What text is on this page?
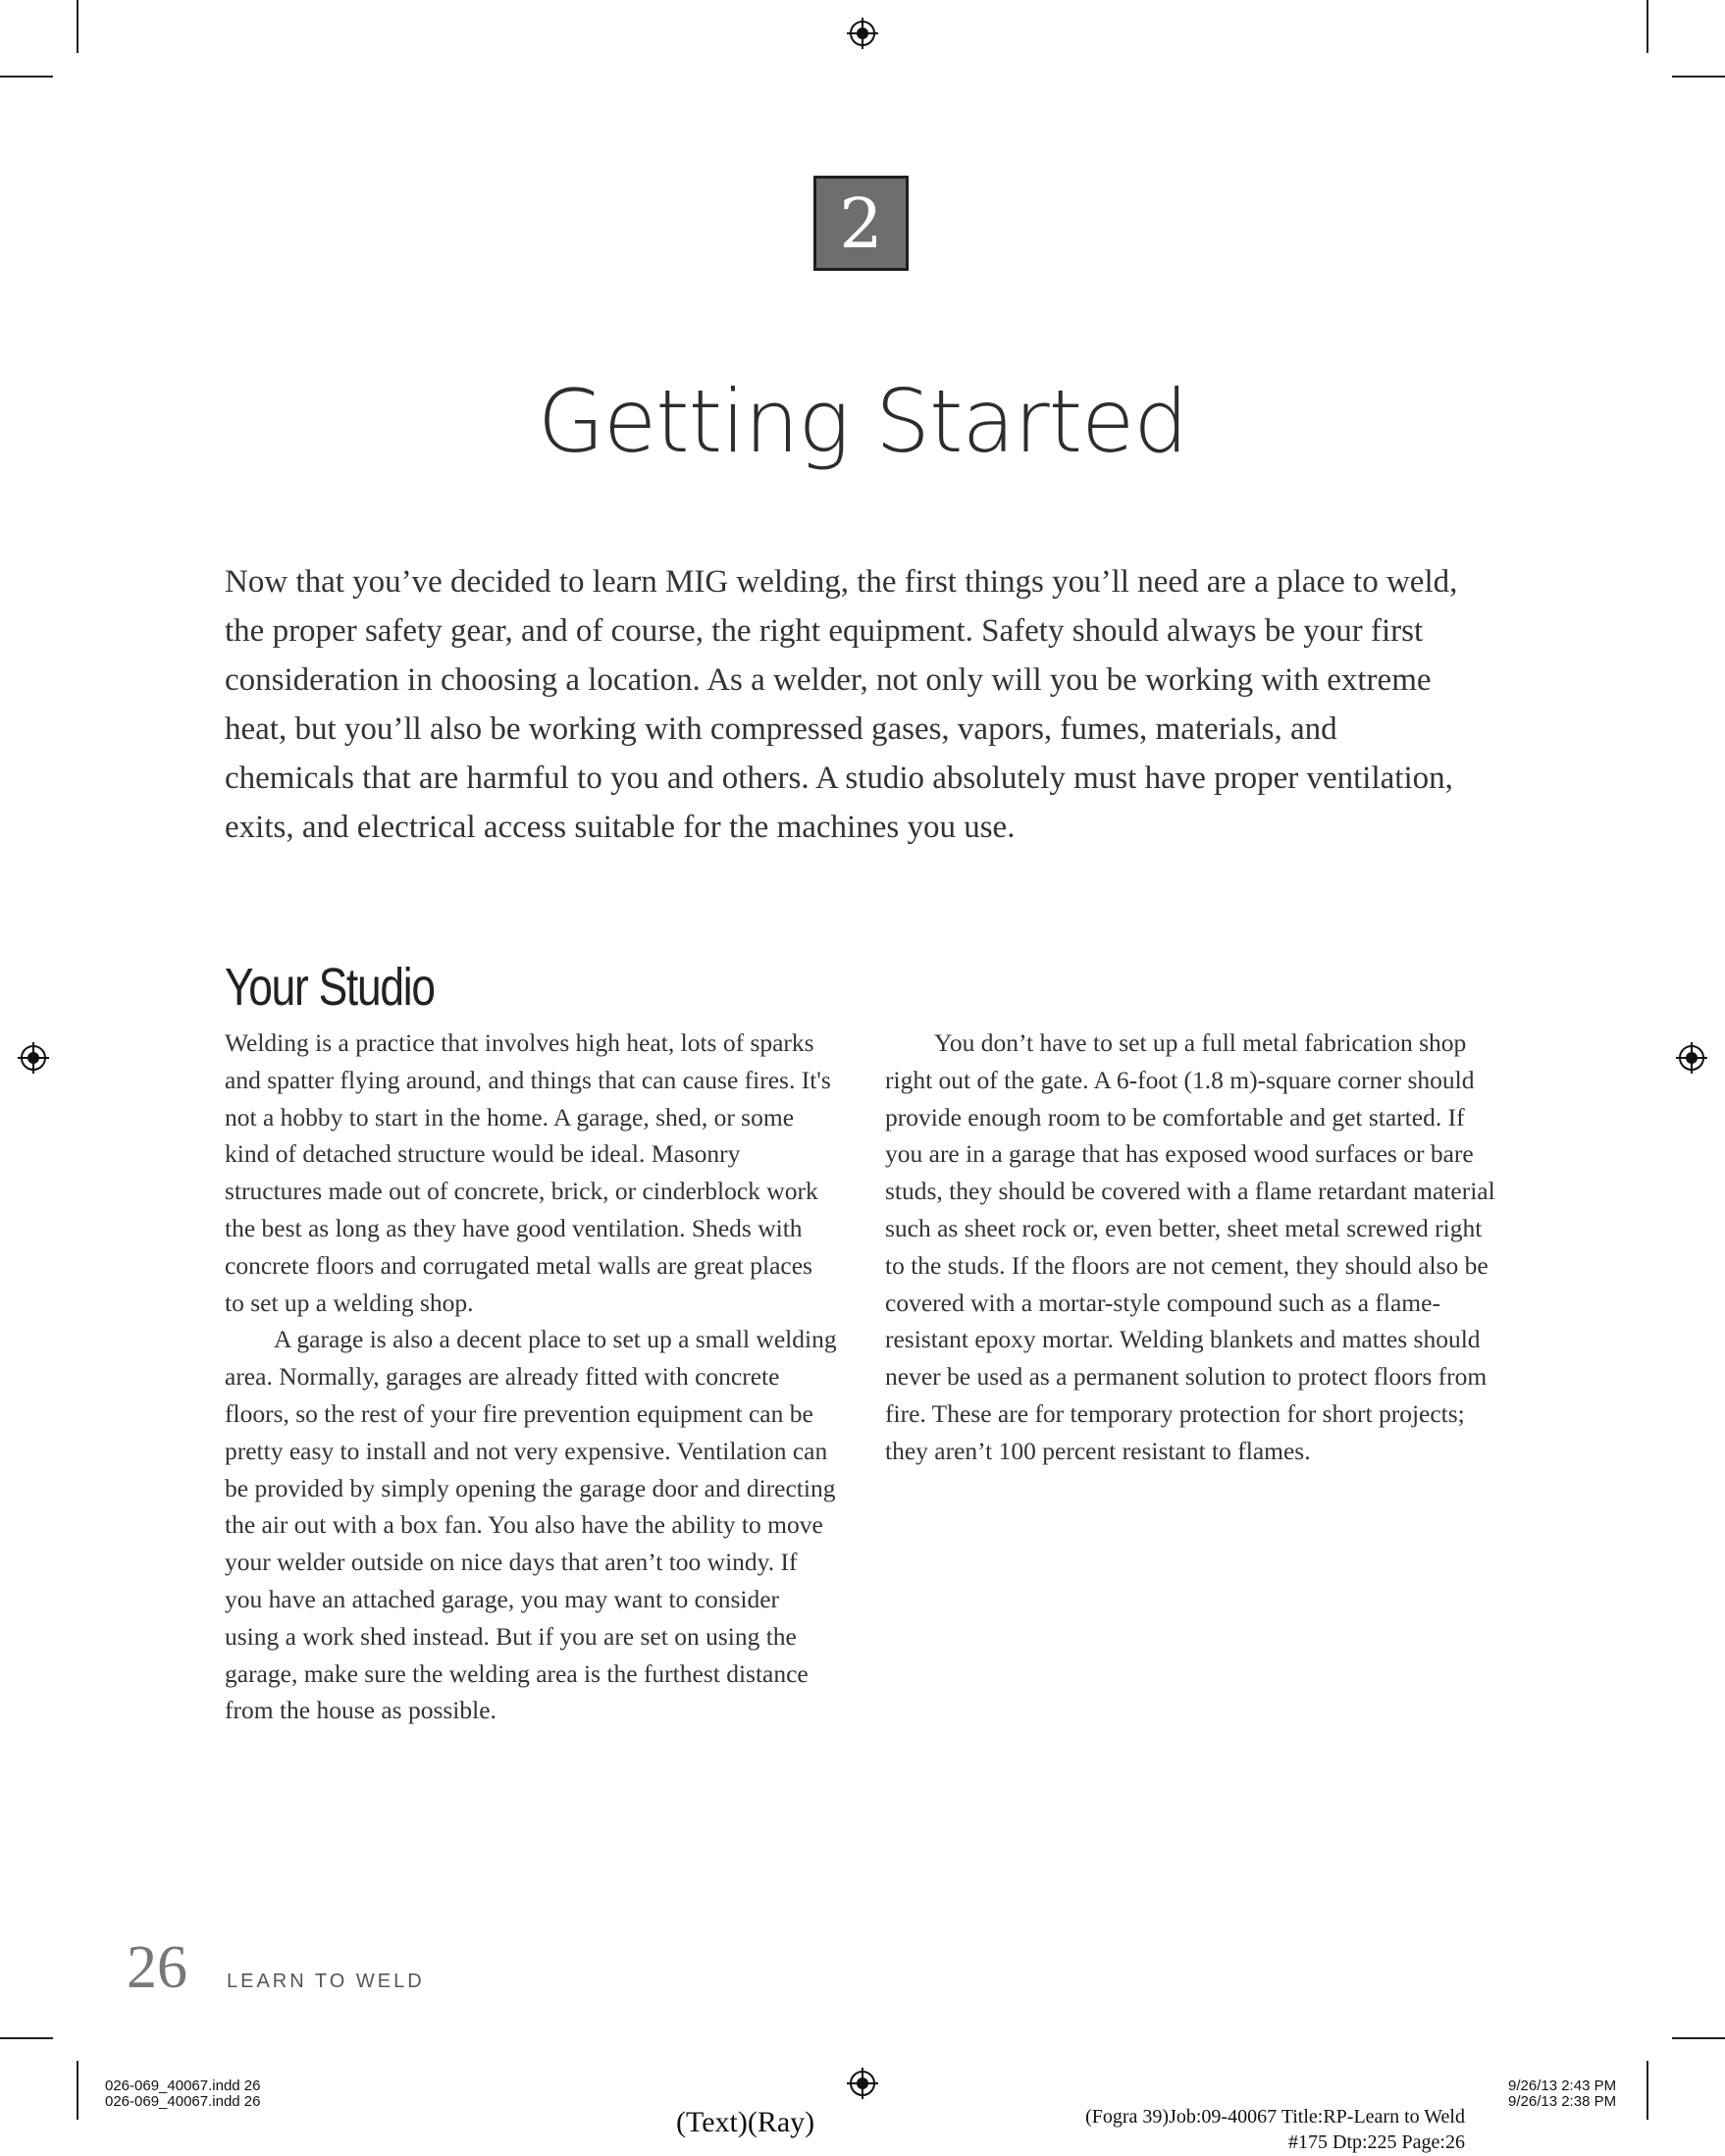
2
Getting Started
Now that you’ve decided to learn MIG welding, the first things you’ll need are a place to weld, the proper safety gear, and of course, the right equipment. Safety should always be your first consideration in choosing a location. As a welder, not only will you be working with extreme heat, but you’ll also be working with compressed gases, vapors, fumes, materials, and chemicals that are harmful to you and others. A studio absolutely must have proper ventilation, exits, and electrical access suitable for the machines you use.
Your Studio

Welding is a practice that involves high heat, lots of sparks and spatter flying around, and things that can cause fires. It's not a hobby to start in the home. A garage, shed, or some kind of detached structure would be ideal. Masonry structures made out of concrete, brick, or cinderblock work the best as long as they have good ventilation. Sheds with concrete floors and corrugated metal walls are great places to set up a welding shop.

A garage is also a decent place to set up a small welding area. Normally, garages are already fitted with concrete floors, so the rest of your fire prevention equipment can be pretty easy to install and not very expensive. Ventilation can be provided by simply opening the garage door and directing the air out with a box fan. You also have the ability to move your welder outside on nice days that aren’t too windy. If you have an attached garage, you may want to consider using a work shed instead. But if you are set on using the garage, make sure the welding area is the furthest distance from the house as possible.

You don’t have to set up a full metal fabrication shop right out of the gate. A 6-foot (1.8 m)-square corner should provide enough room to be comfortable and get started. If you are in a garage that has exposed wood surfaces or bare studs, they should be covered with a flame retardant material such as sheet rock or, even better, sheet metal screwed right to the studs. If the floors are not cement, they should also be covered with a mortar-style compound such as a flame-resistant epoxy mortar. Welding blankets and mattes should never be used as a permanent solution to protect floors from fire. These are for temporary protection for short projects; they aren’t 100 percent resistant to flames.

26 LEARN TO WELD
026-069_40067.indd 26
026-069_40067.indd 26
9/26/13 2:43 PM
9/26/13 2:38 PM
(Text)(Ray)	(Fogra 39)Job:09-40067 Title:RP-Learn to Weld
#175 Dtp:225 Page:26
